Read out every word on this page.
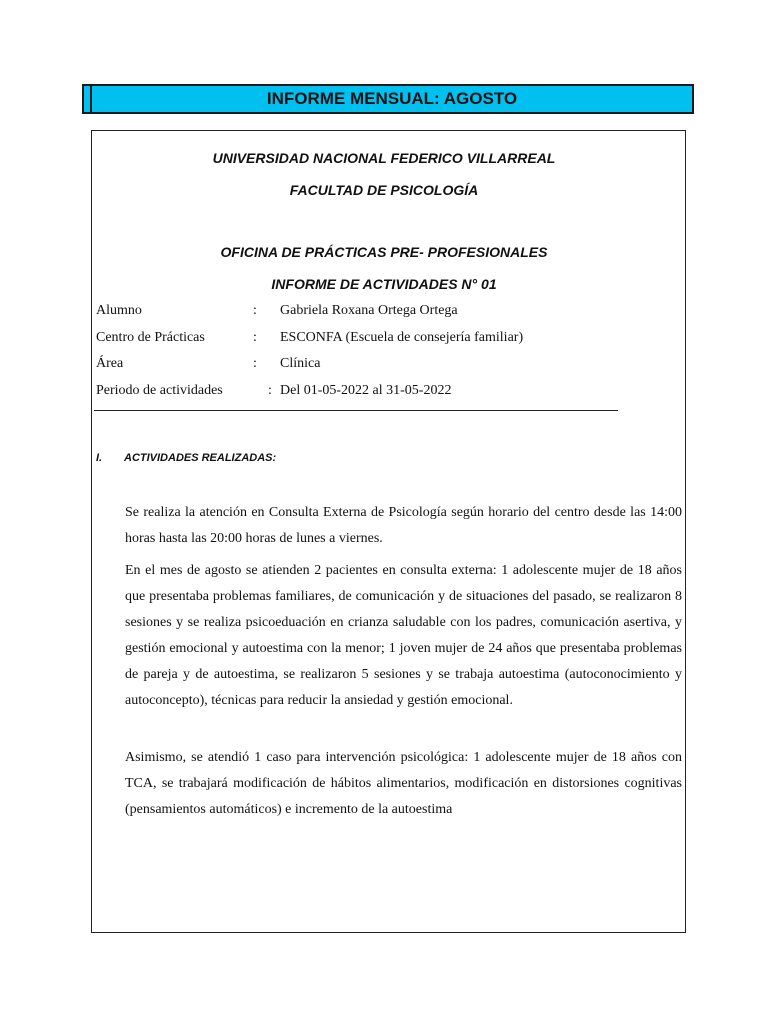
INFORME MENSUAL: AGOSTO
UNIVERSIDAD NACIONAL FEDERICO VILLARREAL
FACULTAD DE PSICOLOGÍA
OFICINA DE PRÁCTICAS PRE- PROFESIONALES
INFORME DE ACTIVIDADES N° 01
Alumno	: Gabriela Roxana Ortega Ortega
Centro de Prácticas	: ESCONFA (Escuela de consejería familiar)
Área	: Clínica
Periodo de actividades	: Del 01-05-2022 al 31-05-2022
I. ACTIVIDADES REALIZADAS:
Se realiza la atención en Consulta Externa de Psicología según horario del centro desde las 14:00 horas hasta las 20:00 horas de lunes a viernes.
En el mes de agosto se atienden 2 pacientes en consulta externa: 1 adolescente mujer de 18 años que presentaba problemas familiares, de comunicación y de situaciones del pasado, se realizaron 8 sesiones y se realiza psicoeduación en crianza saludable con los padres, comunicación asertiva, y gestión emocional y autoestima con la menor; 1 joven mujer de 24 años que presentaba problemas de pareja y de autoestima, se realizaron 5 sesiones y se trabaja autoestima (autoconocimiento y autoconcepto), técnicas para reducir la ansiedad y gestión emocional.
Asimismo, se atendió 1 caso para intervención psicológica: 1 adolescente mujer de 18 años con TCA, se trabajará modificación de hábitos alimentarios, modificación en distorsiones cognitivas (pensamientos automáticos) e incremento de la autoestima
